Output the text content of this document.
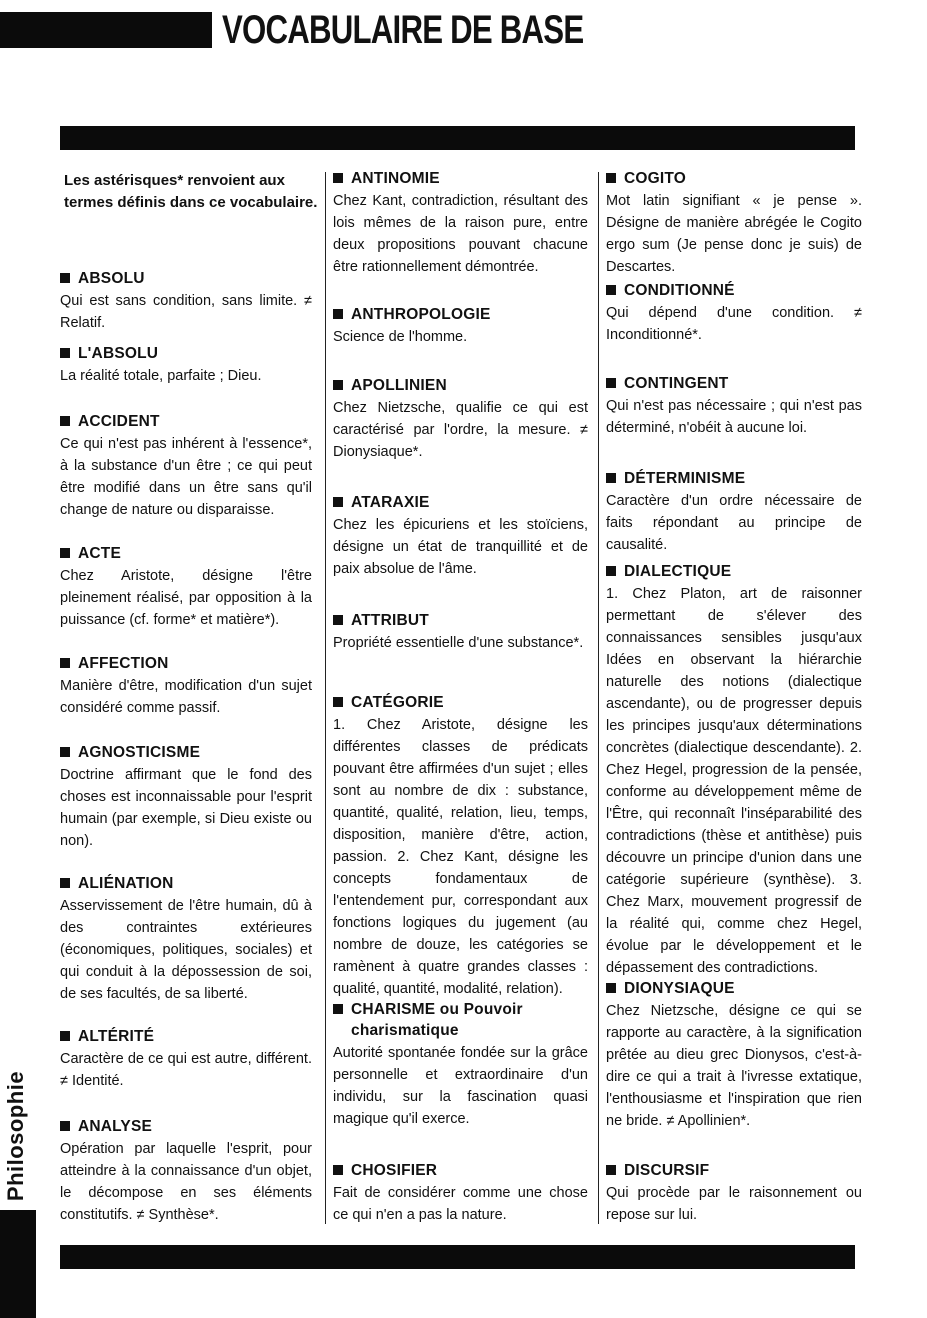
VOCABULAIRE DE BASE
Les astérisques* renvoient aux termes définis dans ce vocabulaire.
ABSOLU
Qui est sans condition, sans limite. ≠ Relatif.
L'ABSOLU
La réalité totale, parfaite ; Dieu.
ACCIDENT
Ce qui n'est pas inhérent à l'essence*, à la substance d'un être ; ce qui peut être modifié dans un être sans qu'il change de nature ou disparaisse.
ACTE
Chez Aristote, désigne l'être pleinement réalisé, par opposition à la puissance (cf. forme* et matière*).
AFFECTION
Manière d'être, modification d'un sujet considéré comme passif.
AGNOSTICISME
Doctrine affirmant que le fond des choses est inconnaissable pour l'esprit humain (par exemple, si Dieu existe ou non).
ALIÉNATION
Asservissement de l'être humain, dû à des contraintes extérieures (économiques, politiques, sociales) et qui conduit à la dépossession de soi, de ses facultés, de sa liberté.
ALTÉRITÉ
Caractère de ce qui est autre, différent. ≠ Identité.
ANALYSE
Opération par laquelle l'esprit, pour atteindre à la connaissance d'un objet, le décompose en ses éléments constitutifs. ≠ Synthèse*.
ANTINOMIE
Chez Kant, contradiction, résultant des lois mêmes de la raison pure, entre deux propositions pouvant chacune être rationnellement démontrée.
ANTHROPOLOGIE
Science de l'homme.
APOLLINIEN
Chez Nietzsche, qualifie ce qui est caractérisé par l'ordre, la mesure. ≠ Dionysiaque*.
ATARAXIE
Chez les épicuriens et les stoïciens, désigne un état de tranquillité et de paix absolue de l'âme.
ATTRIBUT
Propriété essentielle d'une substance*.
CATÉGORIE
1. Chez Aristote, désigne les différentes classes de prédicats pouvant être affirmées d'un sujet ; elles sont au nombre de dix : substance, quantité, qualité, relation, lieu, temps, disposition, manière d'être, action, passion. 2. Chez Kant, désigne les concepts fondamentaux de l'entendement pur, correspondant aux fonctions logiques du jugement (au nombre de douze, les catégories se ramènent à quatre grandes classes : qualité, quantité, modalité, relation).
CHARISME ou Pouvoir charismatique
Autorité spontanée fondée sur la grâce personnelle et extraordinaire d'un individu, sur la fascination quasi magique qu'il exerce.
CHOSIFIER
Fait de considérer comme une chose ce qui n'en a pas la nature.
COGITO
Mot latin signifiant « je pense ». Désigne de manière abrégée le Cogito ergo sum (Je pense donc je suis) de Descartes.
CONDITIONNÉ
Qui dépend d'une condition. ≠ Inconditionné*.
CONTINGENT
Qui n'est pas nécessaire ; qui n'est pas déterminé, n'obéit à aucune loi.
DÉTERMINISME
Caractère d'un ordre nécessaire de faits répondant au principe de causalité.
DIALECTIQUE
1. Chez Platon, art de raisonner permettant de s'élever des connaissances sensibles jusqu'aux Idées en observant la hiérarchie naturelle des notions (dialectique ascendante), ou de progresser depuis les principes jusqu'aux déterminations concrètes (dialectique descendante). 2. Chez Hegel, progression de la pensée, conforme au développement même de l'Être, qui reconnaît l'inséparabilité des contradictions (thèse et antithèse) puis découvre un principe d'union dans une catégorie supérieure (synthèse). 3. Chez Marx, mouvement progressif de la réalité qui, comme chez Hegel, évolue par le développement et le dépassement des contradictions.
DIONYSIAQUE
Chez Nietzsche, désigne ce qui se rapporte au caractère, à la signification prêtée au dieu grec Dionysos, c'est-à-dire ce qui a trait à l'ivresse extatique, l'enthousiasme et l'inspiration que rien ne bride. ≠ Apollinien*.
DISCURSIF
Qui procède par le raisonnement ou repose sur lui.
Philosophie
